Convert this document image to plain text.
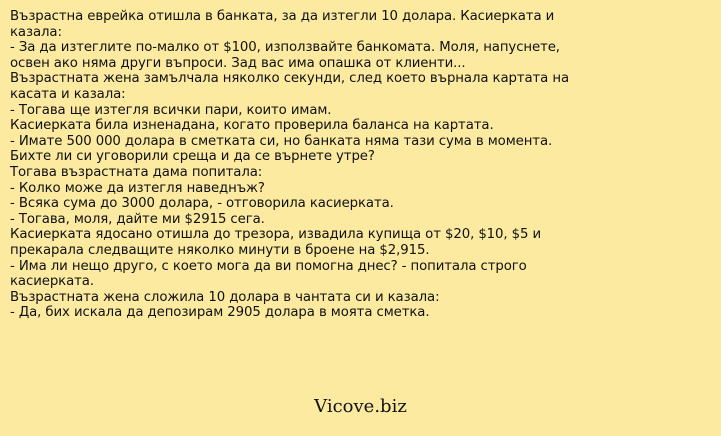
Възрастна еврейка отишла в банката, за да изтегли 10 долара. Касиерката и
казала:
- За да изтеглите по-малко от $100, използвайте банкомата. Моля, напуснете,
освен ако няма други въпроси. Зад вас има опашка от клиенти...
Възрастната жена замълчала няколко секунди, след което върнала картата на
касата и казала:
- Тогава ще изтегля всички пари, които имам.
Касиерката била изненадана, когато проверила баланса на картата.
- Имате 500 000 долара в сметката си, но банката няма тази сума в момента.
Бихте ли си уговорили среща и да се върнете утре?
Тогава възрастната дама попитала:
- Колко може да изтегля наведнъж?
- Всяка сума до 3000 долара, - отговорила касиерката.
- Тогава, моля, дайте ми $2915 сега.
Касиерката ядосано отишла до трезора, извадила купища от $20, $10, $5 и
прекарала следващите няколко минути в броене на $2,915.
- Има ли нещо друго, с което мога да ви помогна днес? - попитала строго
касиерката.
Възрастната жена сложила 10 долара в чантата си и казала:
- Да, бих искала да депозирам 2905 долара в моята сметка.
Vicove.biz
